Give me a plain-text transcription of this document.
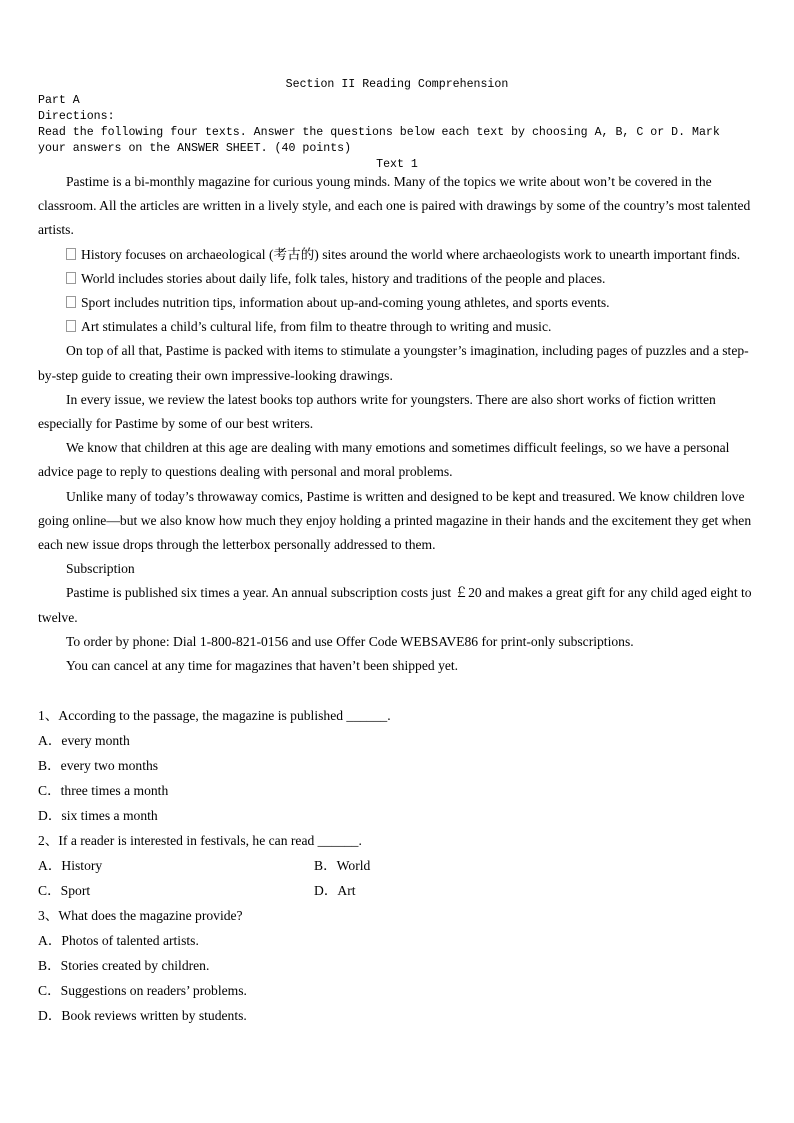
Section II Reading Comprehension
Part A
Directions:
Read the following four texts. Answer the questions below each text by choosing A, B, C or D. Mark your answers on the ANSWER SHEET. (40 points)
Text 1

Pastime is a bi-monthly magazine for curious young minds. Many of the topics we write about won’t be covered in the classroom. All the articles are written in a lively style, and each one is paired with drawings by some of the country’s most talented artists.

History focuses on archaeological (考古的) sites around the world where archaeologists work to unearth important finds.

World includes stories about daily life, folk tales, history and traditions of the people and places.

Sport includes nutrition tips, information about up-and-coming young athletes, and sports events.

Art stimulates a child’s cultural life, from film to theatre through to writing and music.

On top of all that, Pastime is packed with items to stimulate a youngster’s imagination, including pages of puzzles and a step-by-step guide to creating their own impressive-looking drawings.

In every issue, we review the latest books top authors write for youngsters. There are also short works of fiction written especially for Pastime by some of our best writers.

We know that children at this age are dealing with many emotions and sometimes difficult feelings, so we have a personal advice page to reply to questions dealing with personal and moral problems.

Unlike many of today’s throwaway comics, Pastime is written and designed to be kept and treasured. We know children love going online—but we also know how much they enjoy holding a printed magazine in their hands and the excitement they get when each new issue drops through the letterbox personally addressed to them.

Subscription

Pastime is published six times a year. An annual subscription costs just ￡20 and makes a great gift for any child aged eight to twelve.

To order by phone: Dial 1-800-821-0156 and use Offer Code WEBSAVE86 for print-only subscriptions.

You can cancel at any time for magazines that haven’t been shipped yet.

1、According to the passage, the magazine is published ______.
A．every month
B．every two months
C．three times a month
D．six times a month
2、If a reader is interested in festivals, he can read ______.
A．History	B．World
C．Sport	D．Art
3、What does the magazine provide?
A．Photos of talented artists.
B．Stories created by children.
C．Suggestions on readers’ problems.
D．Book reviews written by students.
